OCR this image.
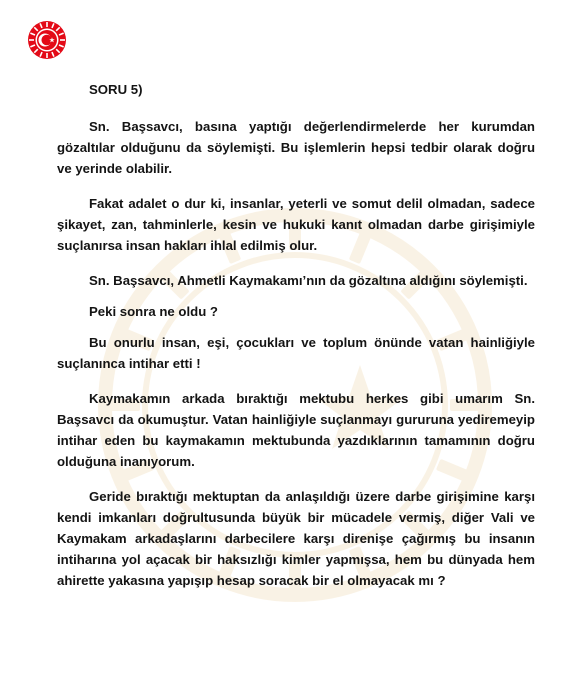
SORU 5)

Sn. Başsavcı, basına yaptığı değerlendirmelerde her kurumdan gözaltılar olduğunu da söylemişti. Bu işlemlerin hepsi tedbir olarak doğru ve yerinde olabilir.

Fakat adalet o dur ki, insanlar, yeterli ve somut delil olmadan, sadece şikayet, zan, tahminlerle, kesin ve hukuki kanıt olmadan darbe girişimiyle suçlanırsa insan hakları ihlal edilmiş olur.

Sn. Başsavcı, Ahmetli Kaymakamı’nın da gözaltına aldığını söylemişti.

Peki sonra ne oldu ?

Bu onurlu insan, eşi, çocukları ve toplum önünde vatan hainliğiyle suçlanınca intihar etti !

Kaymakamın arkada bıraktığı mektubu herkes gibi umarım Sn. Başsavcı da okumuştur. Vatan hainliğiyle suçlanmayı gururuna yediremeyip intihar eden bu kaymakamın mektubunda yazdıklarının tamamının doğru olduğuna inanıyorum.

Geride bıraktığı mektuptan da anlaşıldığı üzere darbe girişimine karşı kendi imkanları doğrultusunda büyük bir mücadele vermiş, diğer Vali ve Kaymakam arkadaşlarını darbecilere karşı direnişe çağırmış bu insanın intiharına yol açacak bir haksızlığı kimler yapmışsa, hem bu dünyada hem ahirette yakasına yapışıp hesap soracak bir el olmayacak mı ?
